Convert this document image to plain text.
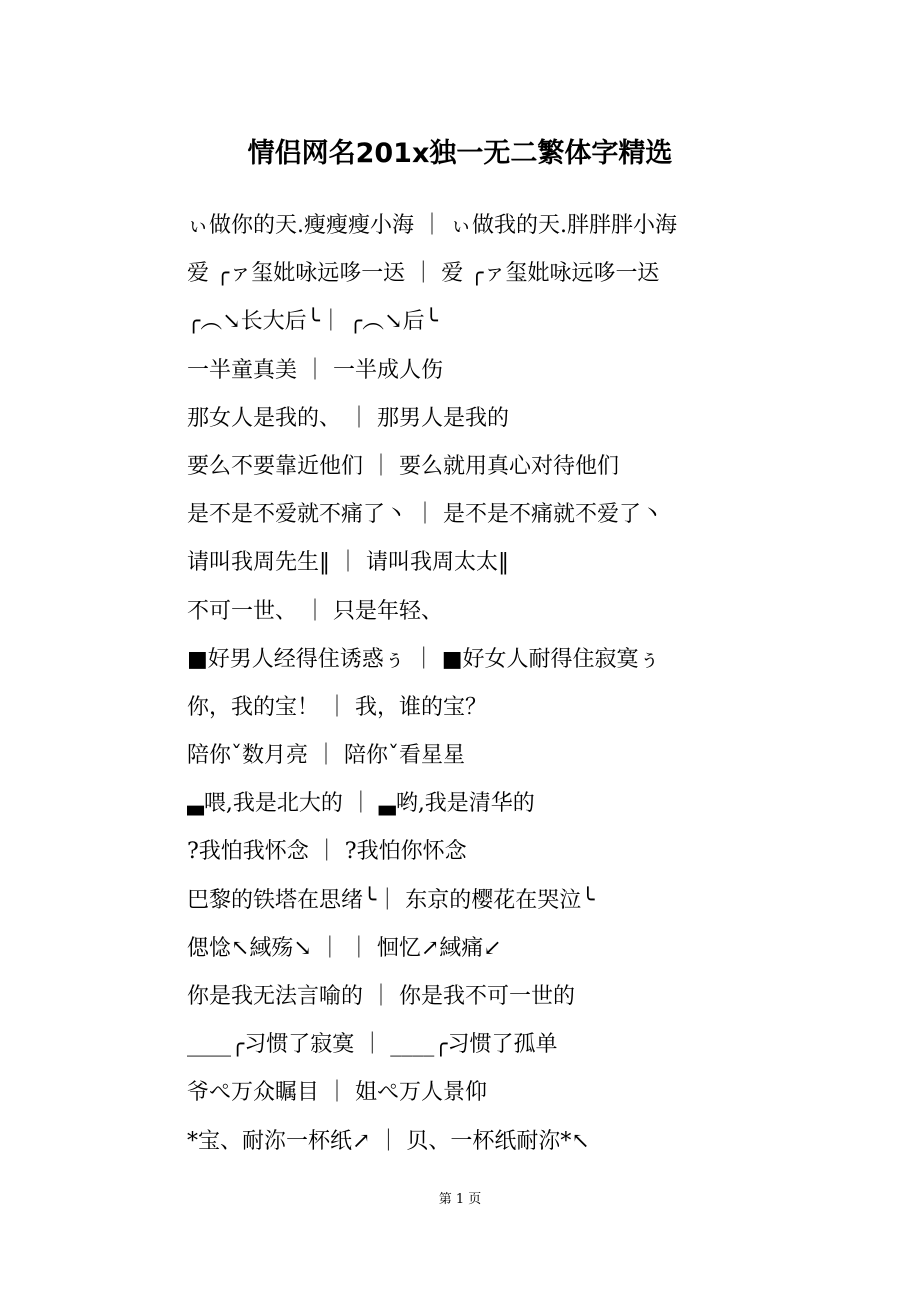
情侣网名201x独一无二繁体字精选
ぃ做你的天.瘦瘦瘦小海 ｜ ぃ做我的天.胖胖胖小海
爱 ╭ァ玺妣咏远哆一迗 ｜ 爱 ╭ァ玺妣咏远哆一迗
╭︵↘长大后╰｜ ╭︵↘后╰
一半童真美 ｜ 一半成人伤
那女人是我的、 ｜ 那男人是我的
要么不要靠近他们 ｜ 要么就用真心对待他们
是不是不爱就不痛了丶 ｜ 是不是不痛就不爱了丶
请叫我周先生‖ ｜ 请叫我周太太‖
不可一世、 ｜ 只是年轻、
■好男人经得住诱惑ぅ ｜ ■好女人耐得住寂寞ぅ
你，我的宝！ ｜ 我，谁的宝？
陪你ˇ数月亮 ｜ 陪你ˇ看星星
▃喂,我是北大的 ｜ ▃哟,我是清华的
?我怕我怀念 ｜ ?我怕你怀念
巴黎的铁塔在思绪╰｜ 东京的樱花在哭泣╰
偲惗↖緎殇↘ ｜ ｜ 恛忆↗緎痛↙
你是我无法言喻的 ｜ 你是我不可一世的
____╭习惯了寂寞 ｜ ____╭习惯了孤单
爷ぺ万众瞩目 ｜ 姐ぺ万人景仰
*宝、耐沵一杯纸↗ ｜ 贝、一杯纸耐沵*↖
第 1 页
